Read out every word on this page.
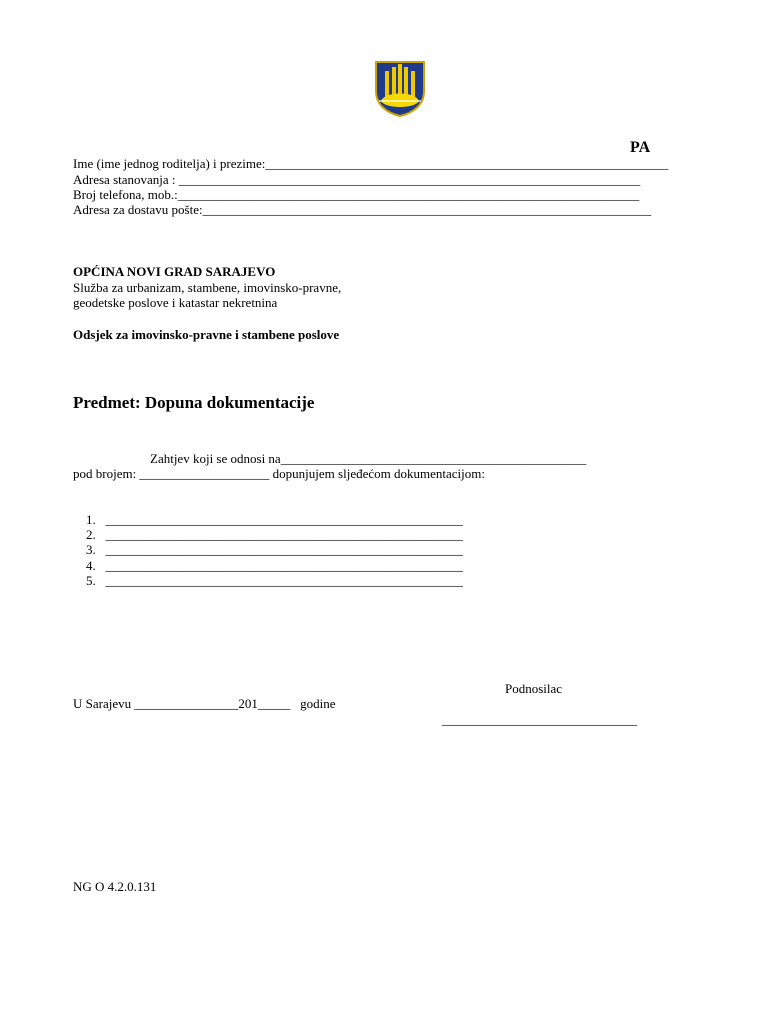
PA
Ime (ime jednog roditelja) i prezime:______________________________________________________________
Adresa stanovanja : _______________________________________________________________________
Broj telefona, mob.:_______________________________________________________________________
Adresa za dostavu pošte:_____________________________________________________________________
OPĆINA NOVI GRAD SARAJEVO
Služba za urbanizam, stambene, imovinsko-pravne,
geodetske poslove i katastar nekretnina
Odsjek za imovinsko-pravne i stambene poslove
Predmet: Dopuna dokumentacije
Zahtjev koji se odnosi na_______________________________________________
pod brojem: ____________________ dopunjujem sljeđećom dokumentacijom:
1. _______________________________________________________
2. _______________________________________________________
3. _______________________________________________________
4. _______________________________________________________
5. _______________________________________________________
Podnosilac
U Sarajevu ________________201_____   godine
______________________________
NG O 4.2.0.131
